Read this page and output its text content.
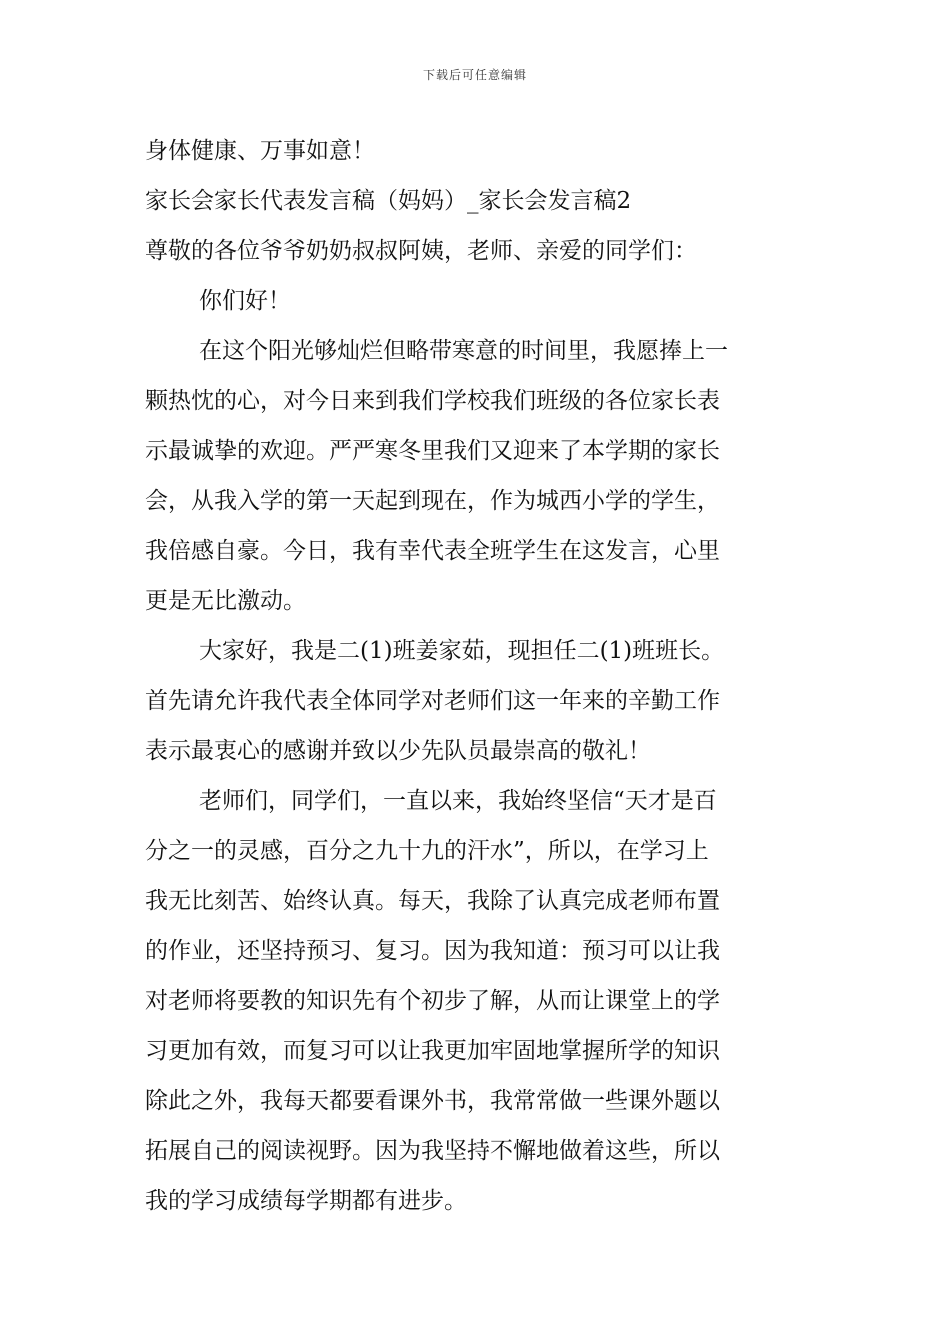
下载后可任意编辑
身体健康、万事如意！
家长会家长代表发言稿（妈妈）_家长会发言稿2
尊敬的各位爷爷奶奶叔叔阿姨，老师、亲爱的同学们：
你们好！
在这个阳光够灿烂但略带寒意的时间里，我愿捧上一
颗热忱的心，对今日来到我们学校我们班级的各位家长表
示最诚挚的欢迎。严严寒冬里我们又迎来了本学期的家长
会，从我入学的第一天起到现在，作为城西小学的学生，
我倍感自豪。今日，我有幸代表全班学生在这发言，心里
更是无比激动。
大家好，我是二(1)班姜家茹，现担任二(1)班班长。
首先请允许我代表全体同学对老师们这一年来的辛勤工作
表示最衷心的感谢并致以少先队员最崇高的敬礼！
老师们，同学们，一直以来，我始终坚信“天才是百
分之一的灵感，百分之九十九的汗水”，所以，在学习上
我无比刻苦、始终认真。每天，我除了认真完成老师布置
的作业，还坚持预习、复习。因为我知道：预习可以让我
对老师将要教的知识先有个初步了解，从而让课堂上的学
习更加有效，而复习可以让我更加牢固地掌握所学的知识
除此之外，我每天都要看课外书，我常常做一些课外题以
拓展自己的阅读视野。因为我坚持不懈地做着这些，所以
我的学习成绩每学期都有进步。
